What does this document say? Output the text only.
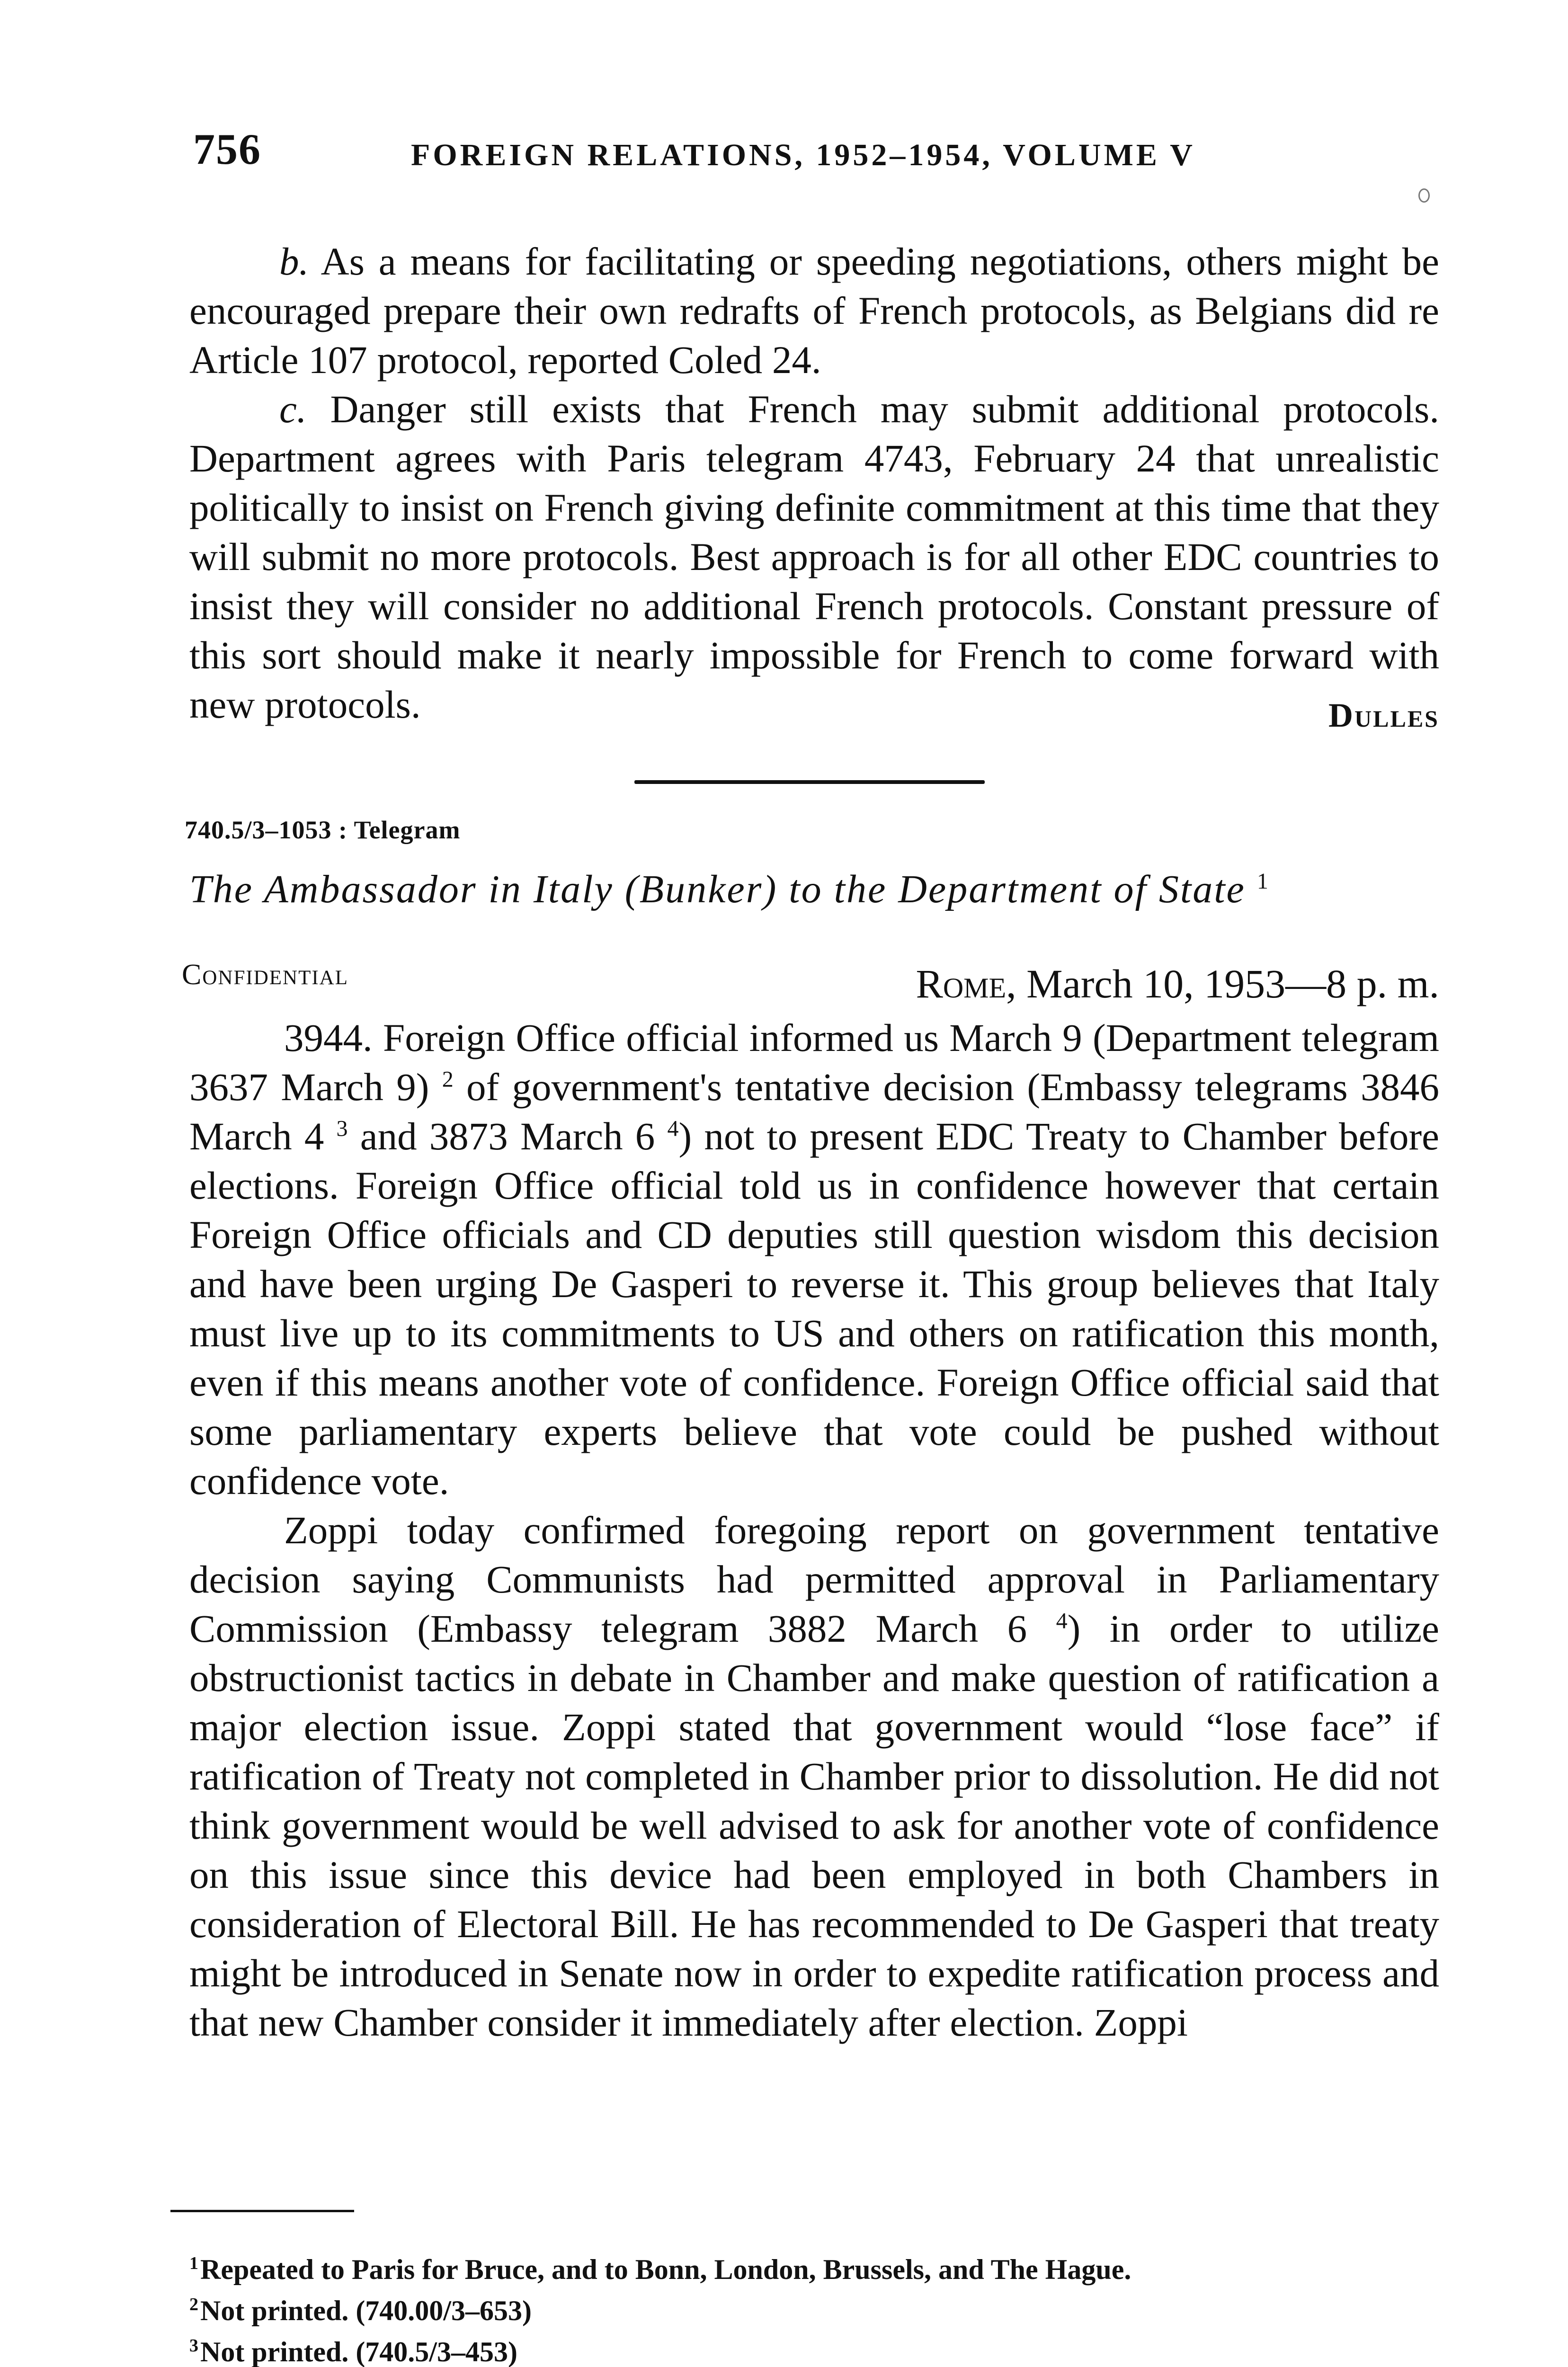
756	FOREIGN RELATIONS, 1952–1954, VOLUME V

b. As a means for facilitating or speeding negotiations, others might be encouraged prepare their own redrafts of French protocols, as Belgians did re Article 107 protocol, reported Coled 24.

c. Danger still exists that French may submit additional protocols. Department agrees with Paris telegram 4743, February 24 that unrealistic politically to insist on French giving definite commitment at this time that they will submit no more protocols. Best approach is for all other EDC countries to insist they will consider no additional French protocols. Constant pressure of this sort should make it nearly impossible for French to come forward with new protocols.	Dulles
740.5/3–1053 : Telegram
The Ambassador in Italy (Bunker) to the Department of State $^1$
Confidential	Rome, March 10, 1953—8 p. m.

3944. Foreign Office official informed us March 9 (Department telegram 3637 March 9) $^2$ of government's tentative decision (Embassy telegrams 3846 March 4 $^3$ and 3873 March 6 $^4$) not to present EDC Treaty to Chamber before elections. Foreign Office official told us in confidence however that certain Foreign Office officials and CD deputies still question wisdom this decision and have been urging De Gasperi to reverse it. This group believes that Italy must live up to its commitments to US and others on ratification this month, even if this means another vote of confidence. Foreign Office official said that some parliamentary experts believe that vote could be pushed without confidence vote.

Zoppi today confirmed foregoing report on government tentative decision saying Communists had permitted approval in Parliamentary Commission (Embassy telegram 3882 March 6 $^4$) in order to utilize obstructionist tactics in debate in Chamber and make question of ratification a major election issue. Zoppi stated that government would “lose face” if ratification of Treaty not completed in Chamber prior to dissolution. He did not think government would be well advised to ask for another vote of confidence on this issue since this device had been employed in both Chambers in consideration of Electoral Bill. He has recommended to De Gasperi that treaty might be introduced in Senate now in order to expedite ratification process and that new Chamber consider it immediately after election. Zoppi

$^1$Repeated to Paris for Bruce, and to Bonn, London, Brussels, and The Hague.

$^2$Not printed. (740.00/3–653)

$^3$Not printed. (740.5/3–453)
